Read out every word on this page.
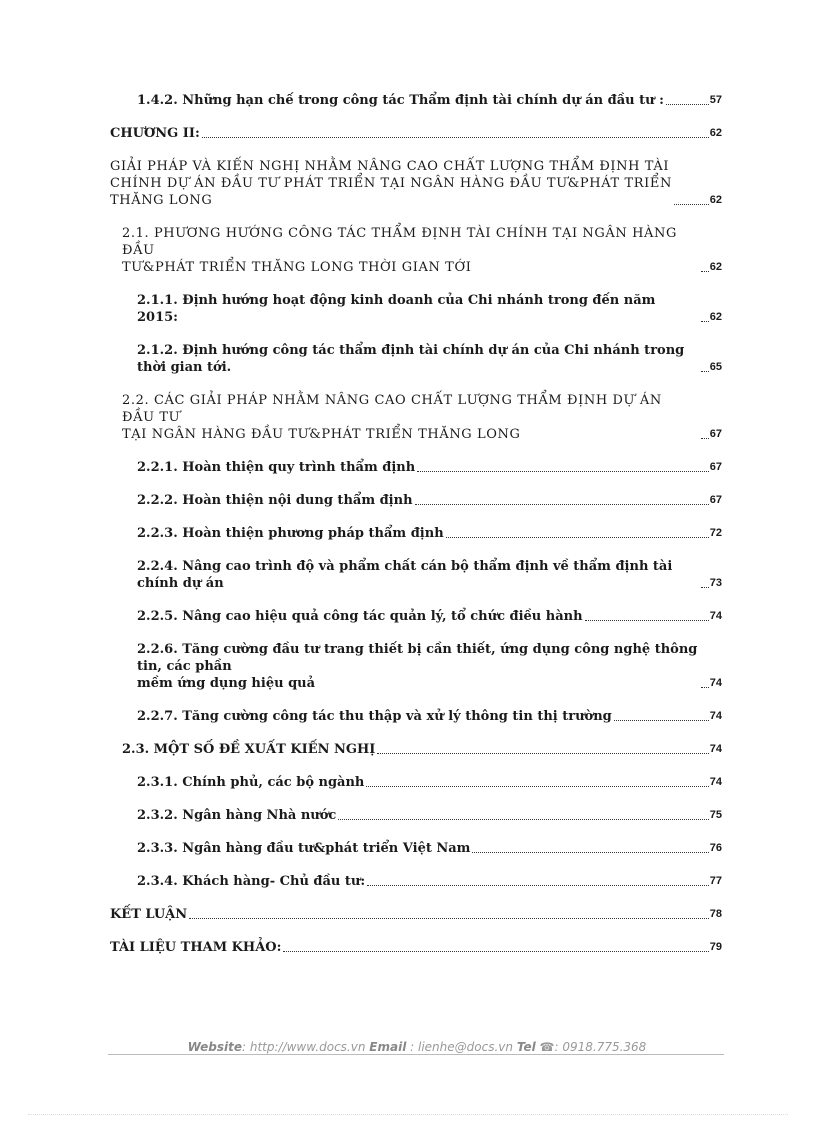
1.4.2. Những hạn chế trong công tác Thẩm định tài chính dự án đầu tư :	57
CHƯƠNG II:	62
GIẢI PHÁP VÀ KIẾN NGHỊ NHẰM NÂNG CAO CHẤT LƯỢNG THẨM ĐỊNH TÀI
CHÍNH DỰ ÁN ĐẦU TƯ PHÁT TRIỂN TẠI NGÂN HÀNG ĐẦU TƯ&PHÁT TRIỂN
THĂNG LONG	62
2.1. PHƯƠNG HƯỚNG CÔNG TÁC THẨM ĐỊNH TÀI CHÍNH TẠI NGÂN HÀNG ĐẦU
TƯ&PHÁT TRIỂN THĂNG LONG THỜI GIAN TỚI	62
2.1.1. Định hướng hoạt động kinh doanh của Chi nhánh trong đến năm 2015:	62
2.1.2. Định hướng công tác thẩm định tài chính dự án của Chi nhánh trong thời gian tới.	65
2.2. CÁC GIẢI PHÁP NHẰM NÂNG CAO CHẤT LƯỢNG THẨM ĐỊNH DỰ ÁN ĐẦU TƯ
TẠI NGÂN HÀNG ĐẦU TƯ&PHÁT TRIỂN THĂNG LONG	67
2.2.1. Hoàn thiện quy trình thẩm định	67
2.2.2. Hoàn thiện nội dung thẩm định	67
2.2.3. Hoàn thiện phương pháp thẩm định	72
2.2.4. Nâng cao trình độ và phẩm chất cán bộ thẩm định về thẩm định tài chính dự án	73
2.2.5. Nâng cao hiệu quả công tác quản lý, tổ chức điều hành	74
2.2.6. Tăng cường đầu tư trang thiết bị cần thiết, ứng dụng công nghệ thông tin, các phần
mềm ứng dụng hiệu quả	74
2.2.7. Tăng cường công tác thu thập và xử lý thông tin thị trường	74
2.3. MỘT SỐ ĐỀ XUẤT KIẾN NGHỊ	74
2.3.1. Chính phủ, các bộ ngành	74
2.3.2. Ngân hàng Nhà nước	75
2.3.3. Ngân hàng đầu tư&phát triển Việt Nam	76
2.3.4. Khách hàng- Chủ đầu tư:	77
KẾT LUẬN	78
TÀI LIỆU THAM KHẢO:	79
Website: http://www.docs.vn Email : lienhe@docs.vn Tel ☎: 0918.775.368
